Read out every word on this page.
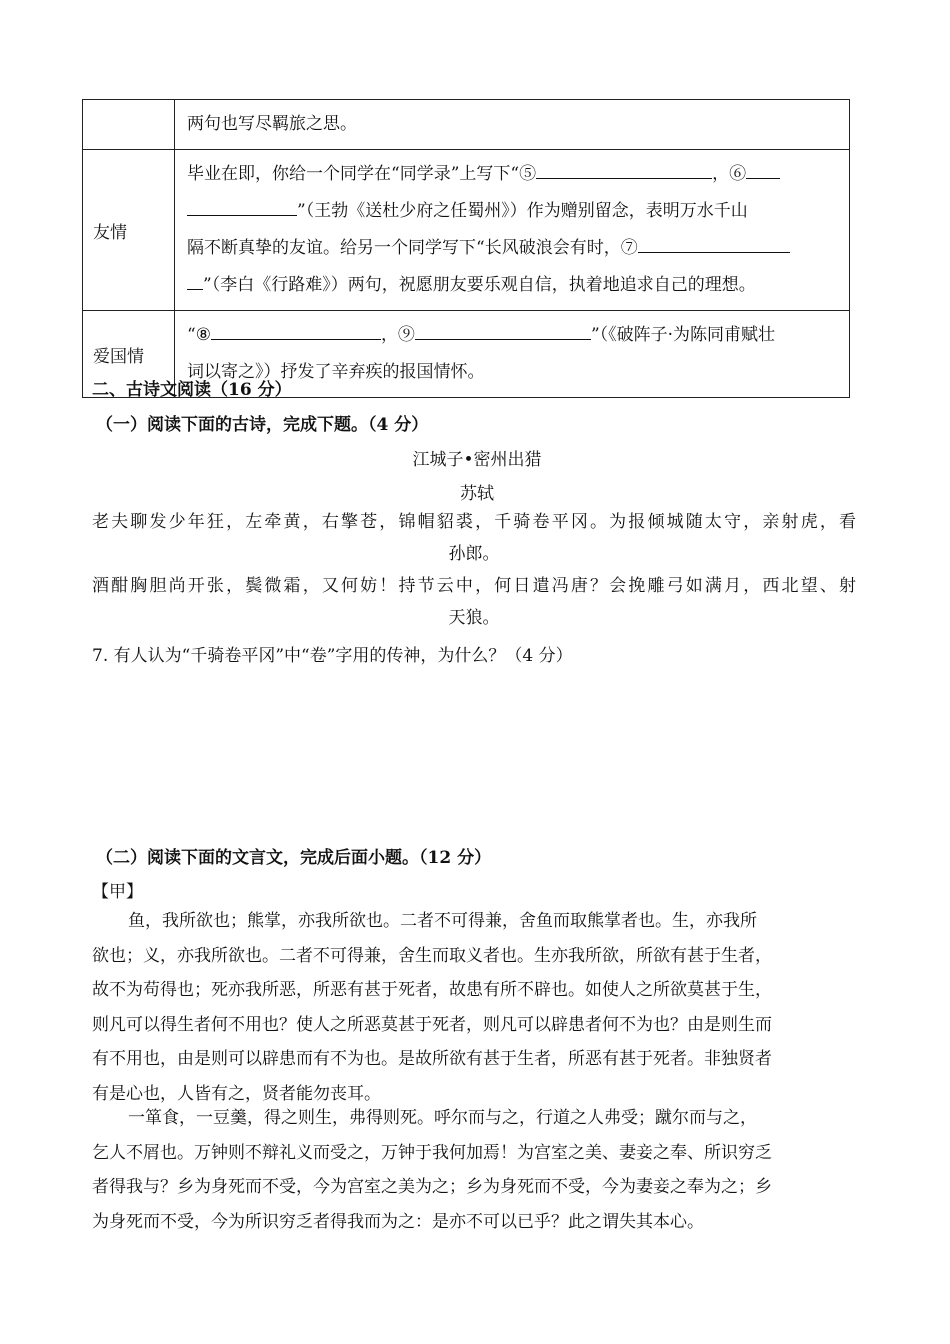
	两句也写尽羁旅之思。
友情	毕业在即，你给一个同学在“同学录”上写下“⑤ ，⑥
”（王勃《送杜少府之任蜀州》）作为赠别留念，表明万水千山
隔不断真挚的友谊。给另一个同学写下“长风破浪会有时，⑦
”（李白《行路难》）两句，祝愿朋友要乐观自信，执着地追求自己的理想。

爱国情	“⑧ ，⑨ ”（《破阵子·为陈同甫赋壮
词以寄之》）抒发了辛弃疾的报国情怀。
二、古诗文阅读（16 分）
（一）阅读下面的古诗，完成下题。（4 分）
江城子•密州出猎
苏轼
老夫聊发少年狂，左牵黄，右擎苍，锦帽貂裘，千骑卷平冈。为报倾城随太守，亲射虎，看
孙郎。
酒酣胸胆尚开张，鬓微霜，又何妨！持节云中，何日遣冯唐？会挽雕弓如满月，西北望、射
天狼。
7. 有人认为“千骑卷平冈”中“卷”字用的传神，为什么？（4 分）
（二）阅读下面的文言文，完成后面小题。（12 分）
【甲】
鱼，我所欲也；熊掌，亦我所欲也。二者不可得兼，舍鱼而取熊掌者也。生，亦我所
欲也；义，亦我所欲也。二者不可得兼，舍生而取义者也。生亦我所欲，所欲有甚于生者，
故不为苟得也；死亦我所恶，所恶有甚于死者，故患有所不辟也。如使人之所欲莫甚于生，
则凡可以得生者何不用也？使人之所恶莫甚于死者，则凡可以辟患者何不为也？由是则生而
有不用也，由是则可以辟患而有不为也。是故所欲有甚于生者，所恶有甚于死者。非独贤者
有是心也，人皆有之，贤者能勿丧耳。
一箪食，一豆羹，得之则生，弗得则死。呼尔而与之，行道之人弗受；蹴尔而与之，
乞人不屑也。万钟则不辩礼义而受之，万钟于我何加焉！为宫室之美、妻妾之奉、所识穷乏
者得我与？乡为身死而不受，今为宫室之美为之；乡为身死而不受，今为妻妾之奉为之；乡
为身死而不受，今为所识穷乏者得我而为之：是亦不可以已乎？此之谓失其本心。
